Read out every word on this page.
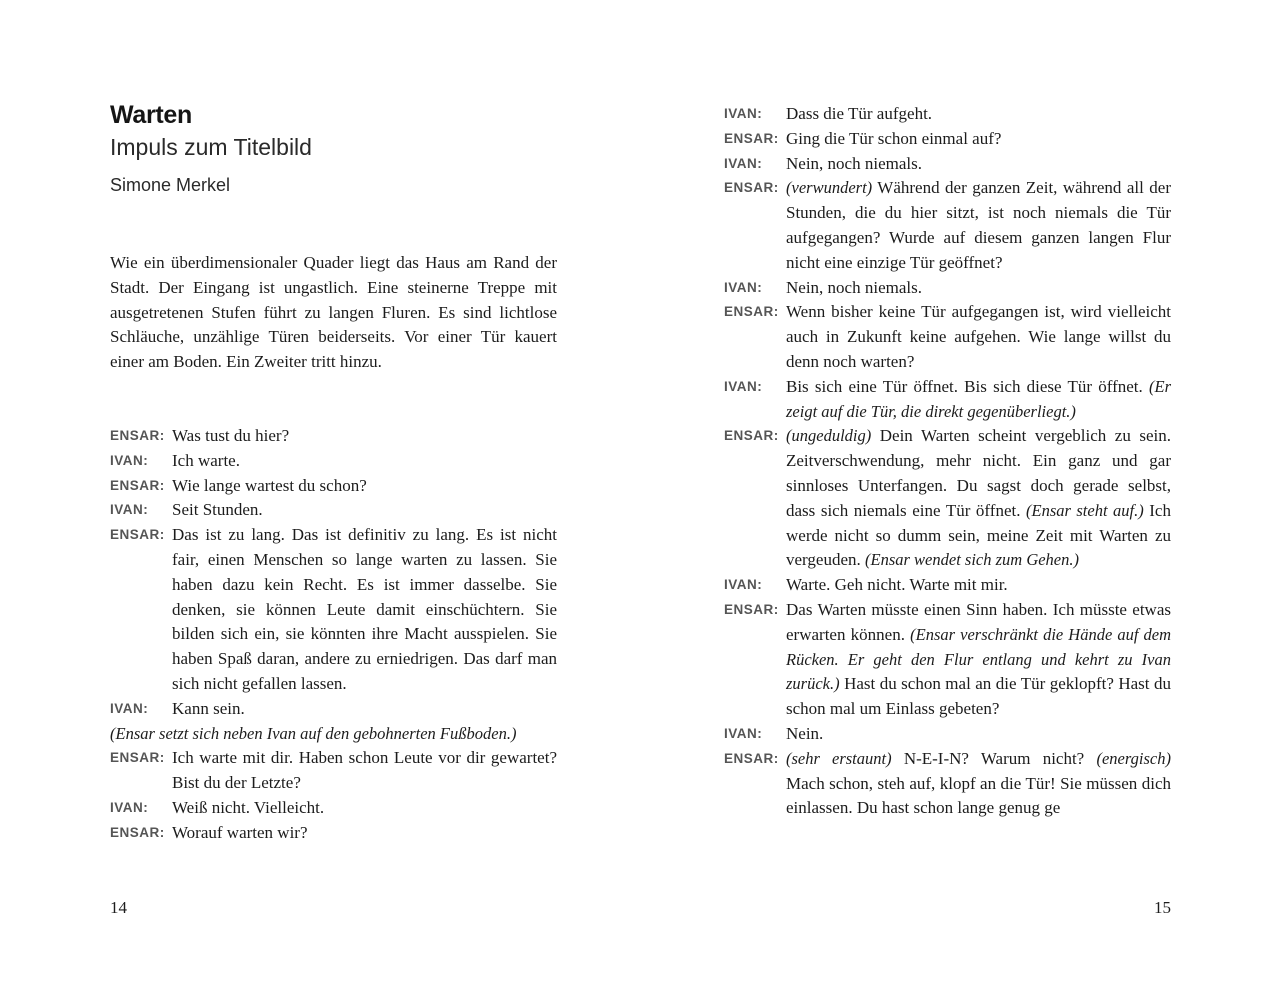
Warten
Impuls zum Titelbild
Simone Merkel

Wie ein überdimensionaler Quader liegt das Haus am Rand der Stadt. Der Eingang ist ungastlich. Eine steinerne Treppe mit ausgetretenen Stufen führt zu langen Fluren. Es sind lichtlose Schläuche, unzählige Türen beiderseits. Vor einer Tür kauert einer am Boden. Ein Zweiter tritt hinzu.

ENSAR: Was tust du hier?
IVAN:	Ich warte.
ENSAR: Wie lange wartest du schon?
IVAN:	Seit Stunden.
ENSAR: Das ist zu lang. Das ist definitiv zu lang. Es ist nicht fair, einen Menschen so lange warten zu lassen. Sie haben dazu kein Recht. Es ist immer dasselbe. Sie denken, sie können Leute damit einschüchtern. Sie bilden sich ein, sie könnten ihre Macht ausspielen. Sie haben Spaß daran, andere zu erniedrigen. Das darf man sich nicht gefallen lassen.
IVAN:	Kann sein.
(Ensar setzt sich neben Ivan auf den gebohnerten Fußboden.)
ENSAR: Ich warte mit dir. Haben schon Leute vor dir gewartet? Bist du der Letzte?
IVAN:	Weiß nicht. Vielleicht.
ENSAR: Worauf warten wir?
14
IVAN:	Dass die Tür aufgeht.
ENSAR: Ging die Tür schon einmal auf?
IVAN:	Nein, noch niemals.
ENSAR: (verwundert) Während der ganzen Zeit, während all der Stunden, die du hier sitzt, ist noch niemals die Tür aufgegangen? Wurde auf diesem ganzen langen Flur nicht eine einzige Tür geöffnet?
IVAN:	Nein, noch niemals.
ENSAR: Wenn bisher keine Tür aufgegangen ist, wird vielleicht auch in Zukunft keine aufgehen. Wie lange willst du denn noch warten?
IVAN:	Bis sich eine Tür öffnet. Bis sich diese Tür öffnet. (Er zeigt auf die Tür, die direkt gegenüberliegt.)
ENSAR: (ungeduldig) Dein Warten scheint vergeblich zu sein. Zeitverschwendung, mehr nicht. Ein ganz und gar sinnloses Unterfangen. Du sagst doch gerade selbst, dass sich niemals eine Tür öffnet. (Ensar steht auf.) Ich werde nicht so dumm sein, meine Zeit mit Warten zu vergeuden. (Ensar wendet sich zum Gehen.)
IVAN:	Warte. Geh nicht. Warte mit mir.
ENSAR: Das Warten müsste einen Sinn haben. Ich müsste etwas erwarten können. (Ensar verschränkt die Hände auf dem Rücken. Er geht den Flur entlang und kehrt zu Ivan zurück.) Hast du schon mal an die Tür geklopft? Hast du schon mal um Einlass gebeten?
IVAN:	Nein.
ENSAR: (sehr erstaunt) N-E-I-N? Warum nicht? (energisch) Mach schon, steh auf, klopf an die Tür! Sie müssen dich einlassen. Du hast schon lange genug ge
15
